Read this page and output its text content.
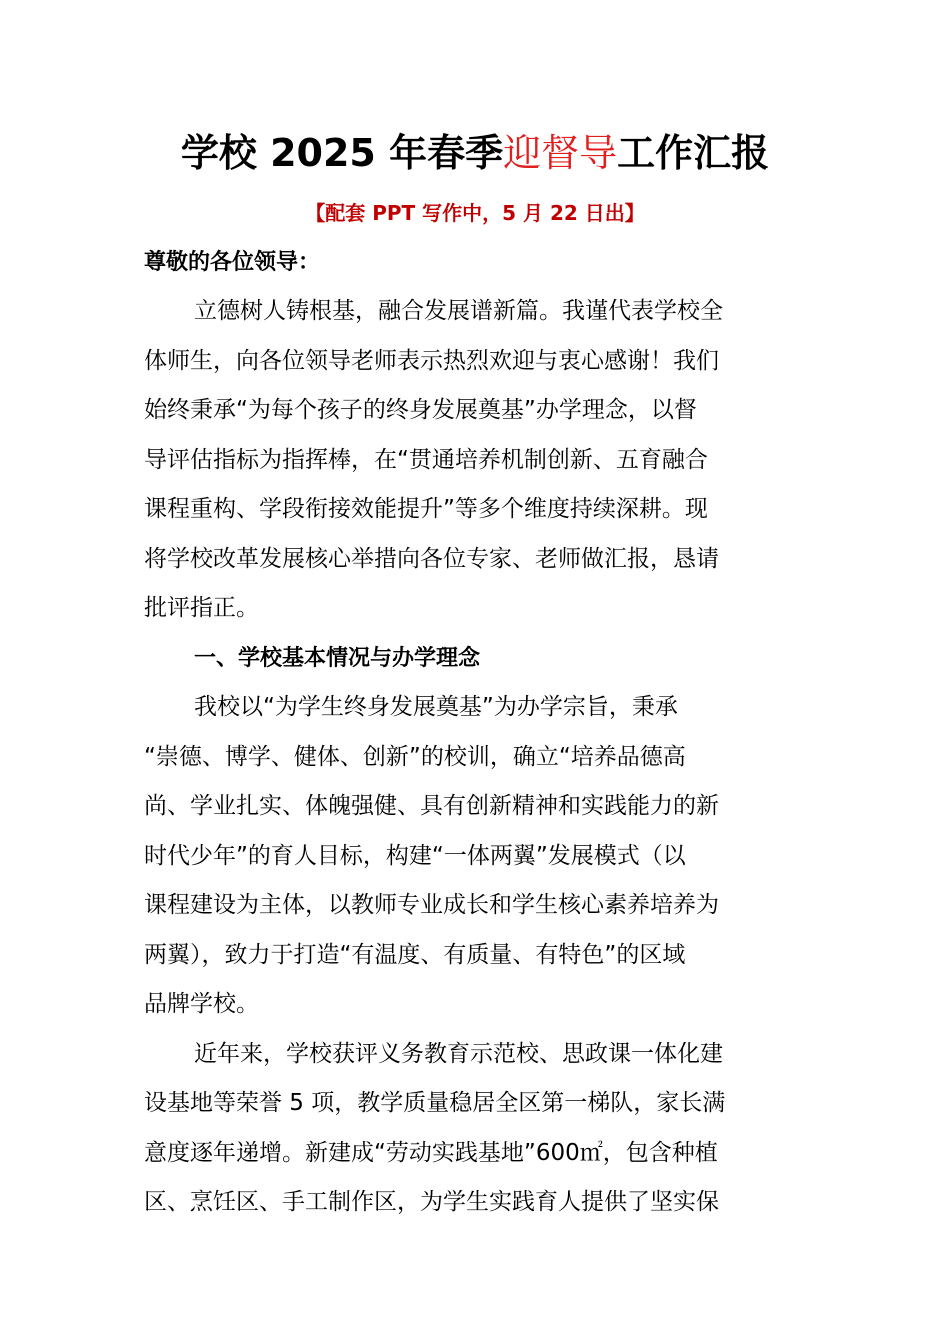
学校 2025 年春季迎督导工作汇报
【配套 PPT 写作中，5 月 22 日出】
尊敬的各位领导：
立德树人铸根基，融合发展谱新篇。我谨代表学校全
体师生，向各位领导老师表示热烈欢迎与衷心感谢！我们
始终秉承“为每个孩子的终身发展奠基”办学理念，以督
导评估指标为指挥棒，在“贯通培养机制创新、五育融合
课程重构、学段衔接效能提升”等多个维度持续深耕。现
将学校改革发展核心举措向各位专家、老师做汇报，恳请
批评指正。
一、学校基本情况与办学理念
我校以“为学生终身发展奠基”为办学宗旨，秉承
“崇德、博学、健体、创新”的校训，确立“培养品德高
尚、学业扎实、体魄强健、具有创新精神和实践能力的新
时代少年”的育人目标，构建“一体两翼”发展模式（以
课程建设为主体，以教师专业成长和学生核心素养培养为
两翼），致力于打造“有温度、有质量、有特色”的区域
品牌学校。
近年来，学校获评义务教育示范校、思政课一体化建
设基地等荣誉 5 项，教学质量稳居全区第一梯队，家长满
意度逐年递增。新建成“劳动实践基地”600㎡，包含种植
区、烹饪区、手工制作区，为学生实践育人提供了坚实保
